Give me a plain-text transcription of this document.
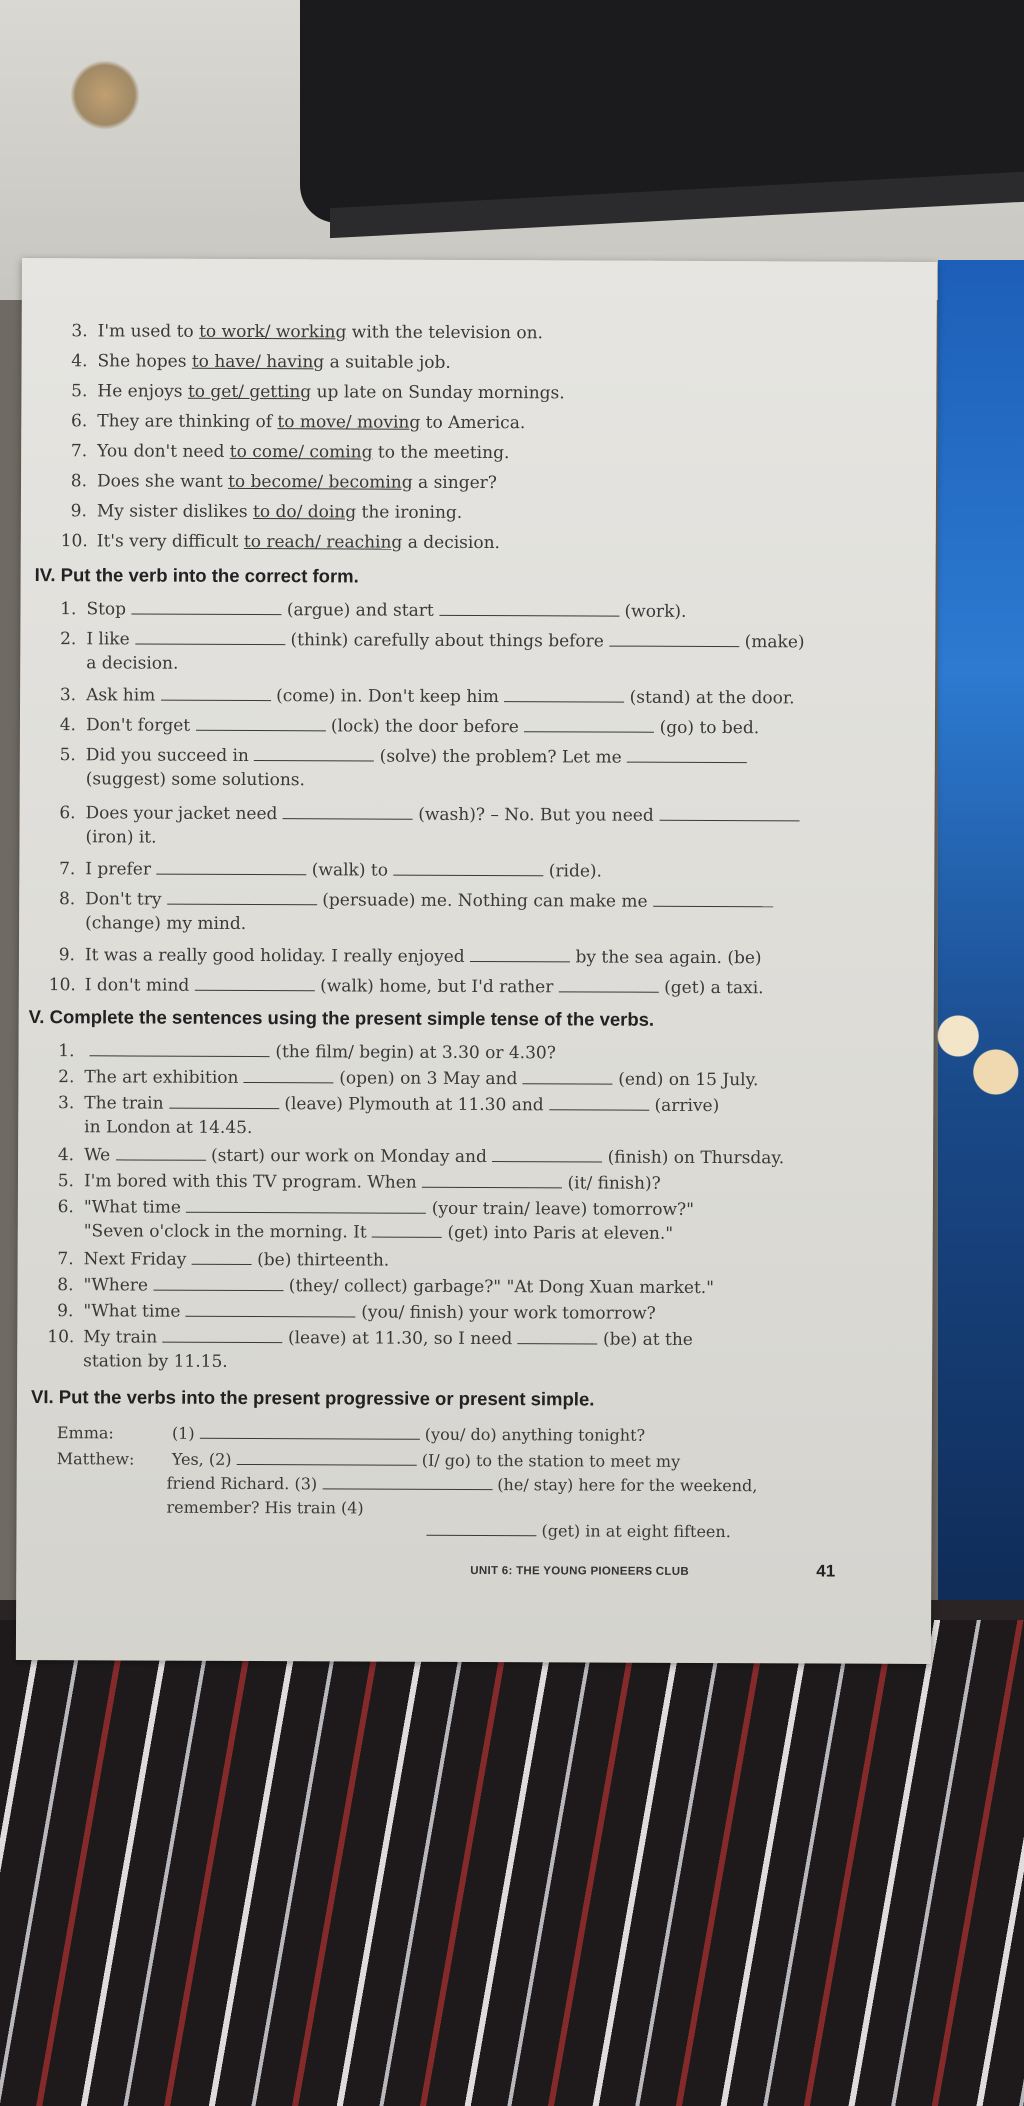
3. I'm used to to work/ working with the television on.
4. She hopes to have/ having a suitable job.
5. He enjoys to get/ getting up late on Sunday mornings.
6. They are thinking of to move/ moving to America.
7. You don't need to come/ coming to the meeting.
8. Does she want to become/ becoming a singer?
9. My sister dislikes to do/ doing the ironing.
10. It's very difficult to reach/ reaching a decision.
IV. Put the verb into the correct form.
1. Stop	(argue) and start	(work).
2. I like	(think) carefully about things before	(make)
a decision.
3. Ask him	(come) in. Don't keep him	(stand) at the door.
4. Don't forget	(lock) the door before	(go) to bed.
5. Did you succeed in	(solve) the problem? Let me
(suggest) some solutions.
6. Does your jacket need	(wash)? – No. But you need
(iron) it.
7. I prefer	(walk) to	(ride).
8. Don't try	(persuade) me. Nothing can make me
(change) my mind.
9. It was a really good holiday. I really enjoyed	by the sea again. (be)
10. I don't mind	(walk) home, but I'd rather	(get) a taxi.
V. Complete the sentences using the present simple tense of the verbs.
1.	(the film/ begin) at 3.30 or 4.30?
2. The art exhibition	(open) on 3 May and	(end) on 15 July.
3. The train	(leave) Plymouth at 11.30 and	(arrive)
in London at 14.45.
4. We	(start) our work on Monday and	(finish) on Thursday.
5. I'm bored with this TV program. When	(it/ finish)?
6. "What time	(your train/ leave) tomorrow?"
"Seven o'clock in the morning. It	(get) into Paris at eleven."
7. Next Friday	(be) thirteenth.
8. "Where	(they/ collect) garbage?" "At Dong Xuan market."
9. "What time	(you/ finish) your work tomorrow?
10. My train	(leave) at 11.30, so I need	(be) at the
station by 11.15.
VI. Put the verbs into the present progressive or present simple.
Emma:	(1)	(you/ do) anything tonight?
Matthew: Yes, (2)	(I/ go) to the station to meet my
friend Richard. (3)	(he/ stay) here for the weekend,
remember? His train (4)
(get) in at eight fifteen.
UNIT 6: THE YOUNG PIONEERS CLUB	41
